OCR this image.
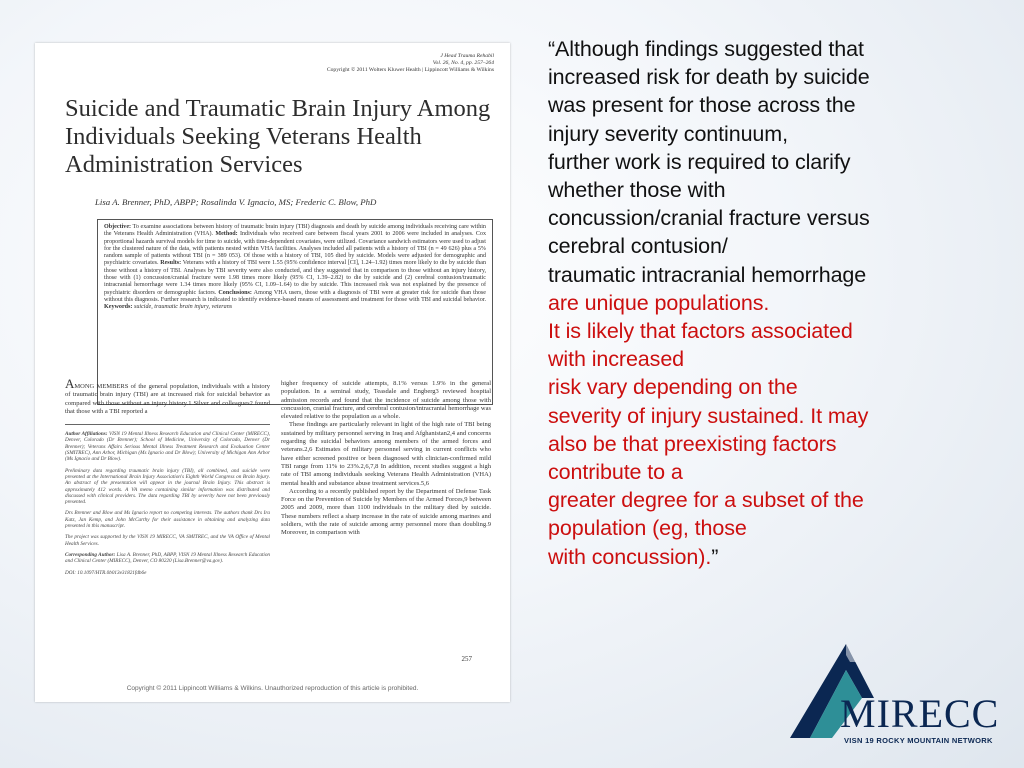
J Head Trauma Rehabil
Vol. 26, No. 4, pp. 257–264
Copyright © 2011 Wolters Kluwer Health | Lippincott Williams & Wilkins
Suicide and Traumatic Brain Injury Among Individuals Seeking Veterans Health Administration Services
Lisa A. Brenner, PhD, ABPP; Rosalinda V. Ignacio, MS; Frederic C. Blow, PhD
Objective: To examine associations between history of traumatic brain injury (TBI) diagnosis and death by suicide among individuals receiving care within the Veterans Health Administration (VHA). Method: Individuals who received care between fiscal years 2001 to 2006 were included in analyses. Cox proportional hazards survival models for time to suicide, with time-dependent covariates, were utilized. Covariance sandwich estimators were used to adjust for the clustered nature of the data, with patients nested within VHA facilities. Analyses included all patients with a history of TBI (n = 49 626) plus a 5% random sample of patients without TBI (n = 389 053). Of those with a history of TBI, 105 died by suicide. Models were adjusted for demographic and psychiatric covariates. Results: Veterans with a history of TBI were 1.55 (95% confidence interval [CI], 1.24–1.92) times more likely to die by suicide than those without a history of TBI. Analyses by TBI severity were also conducted, and they suggested that in comparison to those without an injury history, those with (1) concussion/cranial fracture were 1.98 times more likely (95% CI, 1.39–2.82) to die by suicide and (2) cerebral contusion/traumatic intracranial hemorrhage were 1.34 times more likely (95% CI, 1.09–1.64) to die by suicide. This increased risk was not explained by the presence of psychiatric disorders or demographic factors. Conclusions: Among VHA users, those with a diagnosis of TBI were at greater risk for suicide than those without this diagnosis. Further research is indicated to identify evidence-based means of assessment and treatment for those with TBI and suicidal behavior. Keywords: suicide, traumatic brain injury, veterans

AMONG MEMBERS of the general population, individuals with a history of traumatic brain injury (TBI) are at increased risk for suicidal behavior as compared with those without an injury history.1 Silver and colleagues2 found that those with a TBI reported a

Author Affiliations: VISN 19 Mental Illness Research Education and Clinical Center (MIRECC), Denver, Colorado (Dr Brenner); School of Medicine, University of Colorado, Denver (Dr Brenner); Veterans Affairs Serious Mental Illness Treatment Research and Evaluation Center (SMITREC), Ann Arbor, Michigan (Ms Ignacio and Dr Blow); University of Michigan Ann Arbor (Ms Ignacio and Dr Blow).

Preliminary data regarding traumatic brain injury (TBI), all combined, and suicide were presented at the International Brain Injury Association's Eighth World Congress on Brain Injury. An abstract of the presentation will appear in the journal Brain Injury. This abstract is approximately 412 words. A VA memo containing similar information was distributed and discussed with clinical providers. The data regarding TBI by severity have not been previously presented.

Drs Brenner and Blow and Ms Ignacio report no competing interests. The authors thank Drs Ira Katz, Jan Kemp, and John McCarthy for their assistance in obtaining and analyzing data presented in this manuscript.

The project was supported by the VISN 19 MIRECC, VA SMITREC, and the VA Office of Mental Health Services.

Corresponding Author: Lisa A. Brenner, PhD, ABPP, VISN 19 Mental Illness Research Education and Clinical Center (MIRECC), Denver, CO 80220 (Lisa.Brenner@va.gov).

DOI: 10.1097/HTR.0b013e31821fdb6e

higher frequency of suicide attempts, 8.1% versus 1.9% in the general population. In a seminal study, Teasdale and Engberg3 reviewed hospital admission records and found that the incidence of suicide among those with concussion, cranial fracture, and cerebral contusion/intracranial hemorrhage was elevated relative to the population as a whole.

These findings are particularly relevant in light of the high rate of TBI being sustained by military personnel serving in Iraq and Afghanistan2,4 and concerns regarding the suicidal behaviors among members of the armed forces and veterans.2,6 Estimates of military personnel serving in current conflicts who have either screened positive or been diagnosed with clinician-confirmed mild TBI range from 11% to 23%.2,6,7,8 In addition, recent studies suggest a high rate of TBI among individuals seeking Veterans Health Administration (VHA) mental health and substance abuse treatment services.5,6

According to a recently published report by the Department of Defense Task Force on the Prevention of Suicide by Members of the Armed Forces,9 between 2005 and 2009, more than 1100 individuals in the military died by suicide. These numbers reflect a sharp increase in the rate of suicide among marines and soldiers, with the rate of suicide among army personnel more than doubling.9 Moreover, in comparison with

257
Copyright © 2011 Lippincott Williams & Wilkins. Unauthorized reproduction of this article is prohibited.
“Although findings suggested that
increased risk for death by suicide
was present for those across the
injury severity continuum,
further work is required to clarify
whether those with
concussion/cranial fracture versus
cerebral contusion/
traumatic intracranial hemorrhage
are unique populations.
It is likely that factors associated
with increased
risk vary depending on the
severity of injury sustained. It may
also be that preexisting factors
contribute to a
greater degree for a subset of the
population (eg, those
with concussion).”
MIRECC
VISN 19 ROCKY MOUNTAIN NETWORK
